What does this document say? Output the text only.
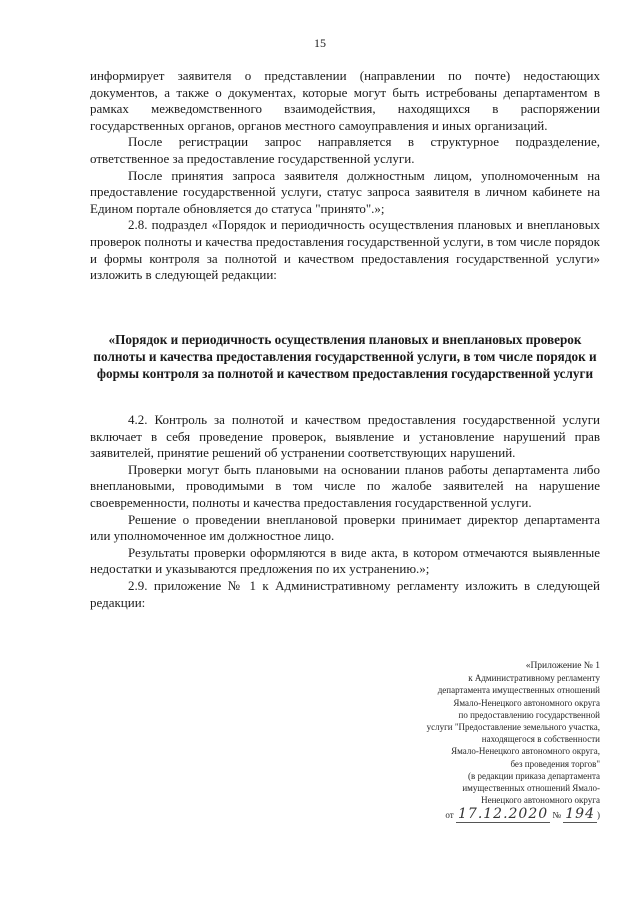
15

информирует заявителя о представлении (направлении по почте) недостающих документов, а также о документах, которые могут быть истребованы департаментом в рамках межведомственного взаимодействия, находящихся в распоряжении государственных органов, органов местного самоуправления и иных организаций.

После регистрации запрос направляется в структурное подразделение, ответственное за предоставление государственной услуги.

После принятия запроса заявителя должностным лицом, уполномоченным на предоставление государственной услуги, статус запроса заявителя в личном кабинете на Едином портале обновляется до статуса "принято".»;

2.8. подраздел «Порядок и периодичность осуществления плановых и внеплановых проверок полноты и качества предоставления государственной услуги, в том числе порядок и формы контроля за полнотой и качеством предоставления государственной услуги» изложить в следующей редакции:

«Порядок и периодичность осуществления плановых и внеплановых проверок полноты и качества предоставления государственной услуги, в том числе порядок и формы контроля за полнотой и качеством предоставления государственной услуги

4.2. Контроль за полнотой и качеством предоставления государственной услуги включает в себя проведение проверок, выявление и установление нарушений прав заявителей, принятие решений об устранении соответствующих нарушений.

Проверки могут быть плановыми на основании планов работы департамента либо внеплановыми, проводимыми в том числе по жалобе заявителей на нарушение своевременности, полноты и качества предоставления государственной услуги.

Решение о проведении внеплановой проверки принимает директор департамента или уполномоченное им должностное лицо.

Результаты проверки оформляются в виде акта, в котором отмечаются выявленные недостатки и указываются предложения по их устранению.»;

2.9. приложение № 1 к Административному регламенту изложить в следующей редакции:

«Приложение № 1
к Административному регламенту
департамента имущественных отношений
Ямало-Ненецкого автономного округа
по предоставлению государственной
услуги "Предоставление земельного участка,
находящегося в собственности
Ямало-Ненецкого автономного округа,
без проведения торгов"
(в редакции приказа департамента
имущественных отношений Ямало-
Ненецкого автономного округа
от 17.12.2020 № 194 )
